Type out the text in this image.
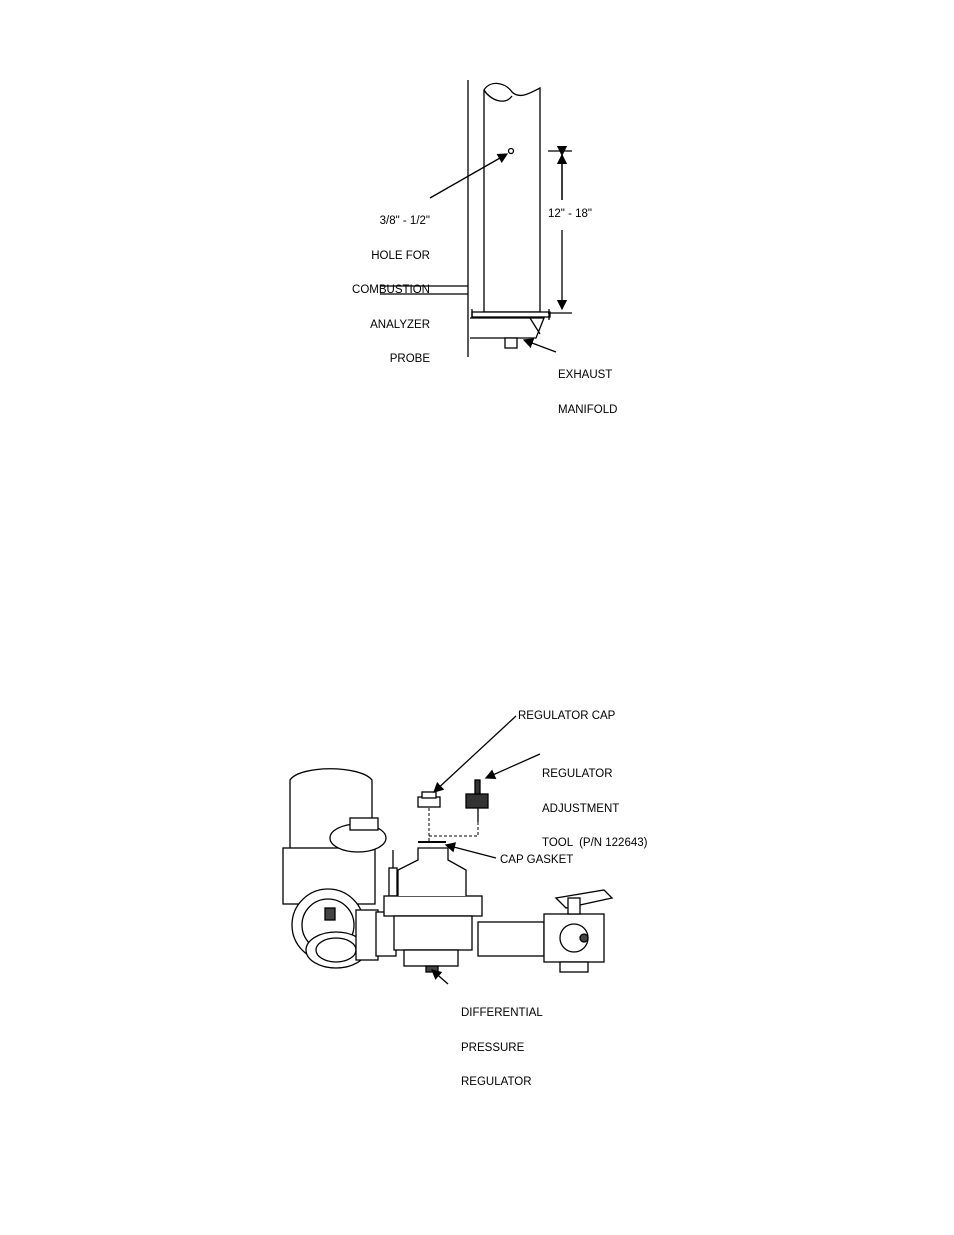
3/8" - 1/2"

HOLE FOR

COMBUSTION

ANALYZER

PROBE

12" - 18"

EXHAUST

MANIFOLD

REGULATOR CAP

REGULATOR

ADJUSTMENT

TOOL  (P/N 122643)

CAP GASKET

DIFFERENTIAL

PRESSURE

REGULATOR
